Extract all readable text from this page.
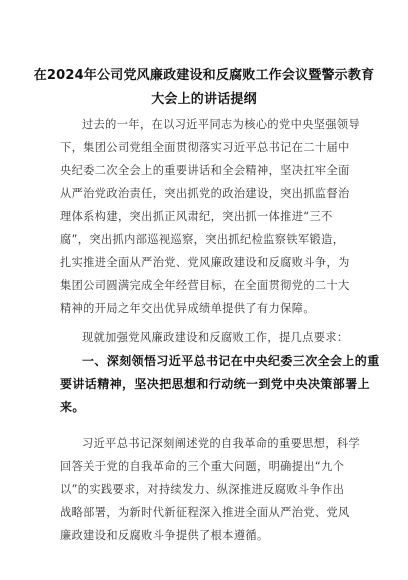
在2024年公司党风廉政建设和反腐败工作会议暨警示教育
大会上的讲话提纲
过去的一年，在以习近平同志为核心的党中央坚强领导
下，集团公司党组全面贯彻落实习近平总书记在二十届中
央纪委二次全会上的重要讲话和全会精神，坚决扛牢全面
从严治党政治责任，突出抓党的政治建设，突出抓监督治
理体系构建，突出抓正风肃纪，突出抓一体推进“三不
腐”，突出抓内部巡视巡察，突出抓纪检监察铁军锻造，
扎实推进全面从严治党、党风廉政建设和反腐败斗争，为
集团公司圆满完成全年经营目标，在全面贯彻党的二十大
精神的开局之年交出优异成绩单提供了有力保障。
现就加强党风廉政建设和反腐败工作，提几点要求：
一、深刻领悟习近平总书记在中央纪委三次全会上的重
要讲话精神，坚决把思想和行动统一到党中央决策部署上
来。
习近平总书记深刻阐述党的自我革命的重要思想，科学
回答关于党的自我革命的三个重大问题，明确提出“九个
以”的实践要求，对持续发力、纵深推进反腐败斗争作出
战略部署，为新时代新征程深入推进全面从严治党、党风
廉政建设和反腐败斗争提供了根本遵循。
